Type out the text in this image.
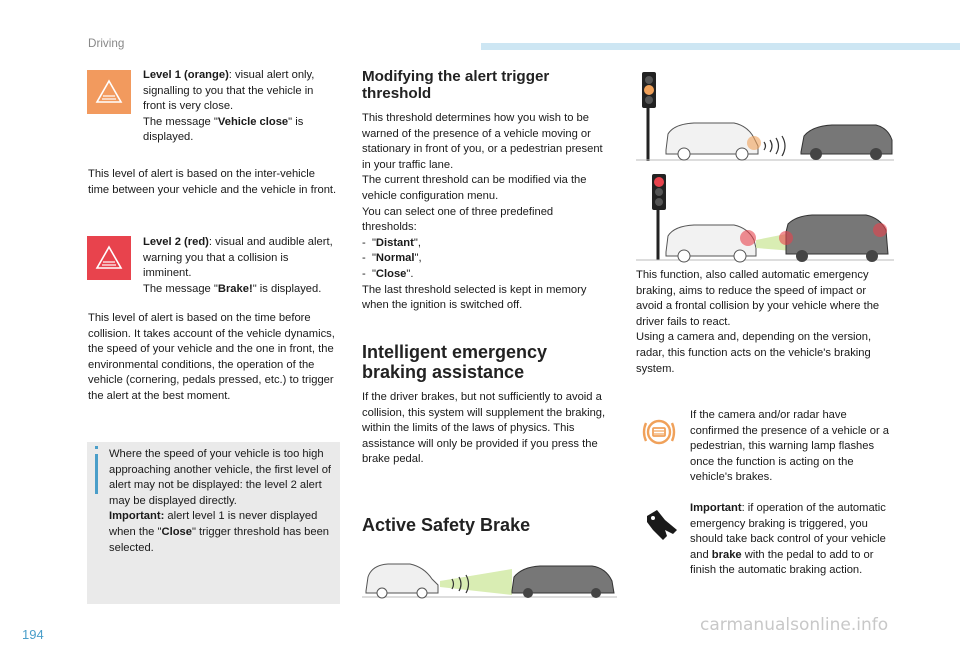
Driving
Level 1 (orange): visual alert only, signalling to you that the vehicle in front is very close.
The message "Vehicle close" is displayed.
This level of alert is based on the inter-vehicle time between your vehicle and the vehicle in front.
Level 2 (red): visual and audible alert, warning you that a collision is imminent.
The message "Brake!" is displayed.
This level of alert is based on the time before collision. It takes account of the vehicle dynamics, the speed of your vehicle and the one in front, the environmental conditions, the operation of the vehicle (cornering, pedals pressed, etc.) to trigger the alert at the best moment.
Where the speed of your vehicle is too high approaching another vehicle, the first level of alert may not be displayed: the level 2 alert may be displayed directly.
Important: alert level 1 is never displayed when the "Close" trigger threshold has been selected.
Modifying the alert trigger threshold
This threshold determines how you wish to be warned of the presence of a vehicle moving or stationary in front of you, or a pedestrian present in your traffic lane.
The current threshold can be modified via the vehicle configuration menu.
You can select one of three predefined thresholds:
-  "Distant",
-  "Normal",
-  "Close".
The last threshold selected is kept in memory when the ignition is switched off.
Intelligent emergency braking assistance
If the driver brakes, but not sufficiently to avoid a collision, this system will supplement the braking, within the limits of the laws of physics. This assistance will only be provided if you press the brake pedal.
Active Safety Brake
This function, also called automatic emergency braking, aims to reduce the speed of impact or avoid a frontal collision by your vehicle where the driver fails to react.
Using a camera and, depending on the version, radar, this function acts on the vehicle's braking system.
If the camera and/or radar have confirmed the presence of a vehicle or a pedestrian, this warning lamp flashes once the function is acting on the vehicle's brakes.
Important: if operation of the automatic emergency braking is triggered, you should take back control of your vehicle and brake with the pedal to add to or finish the automatic braking action.
194	carmanualsonline.info
